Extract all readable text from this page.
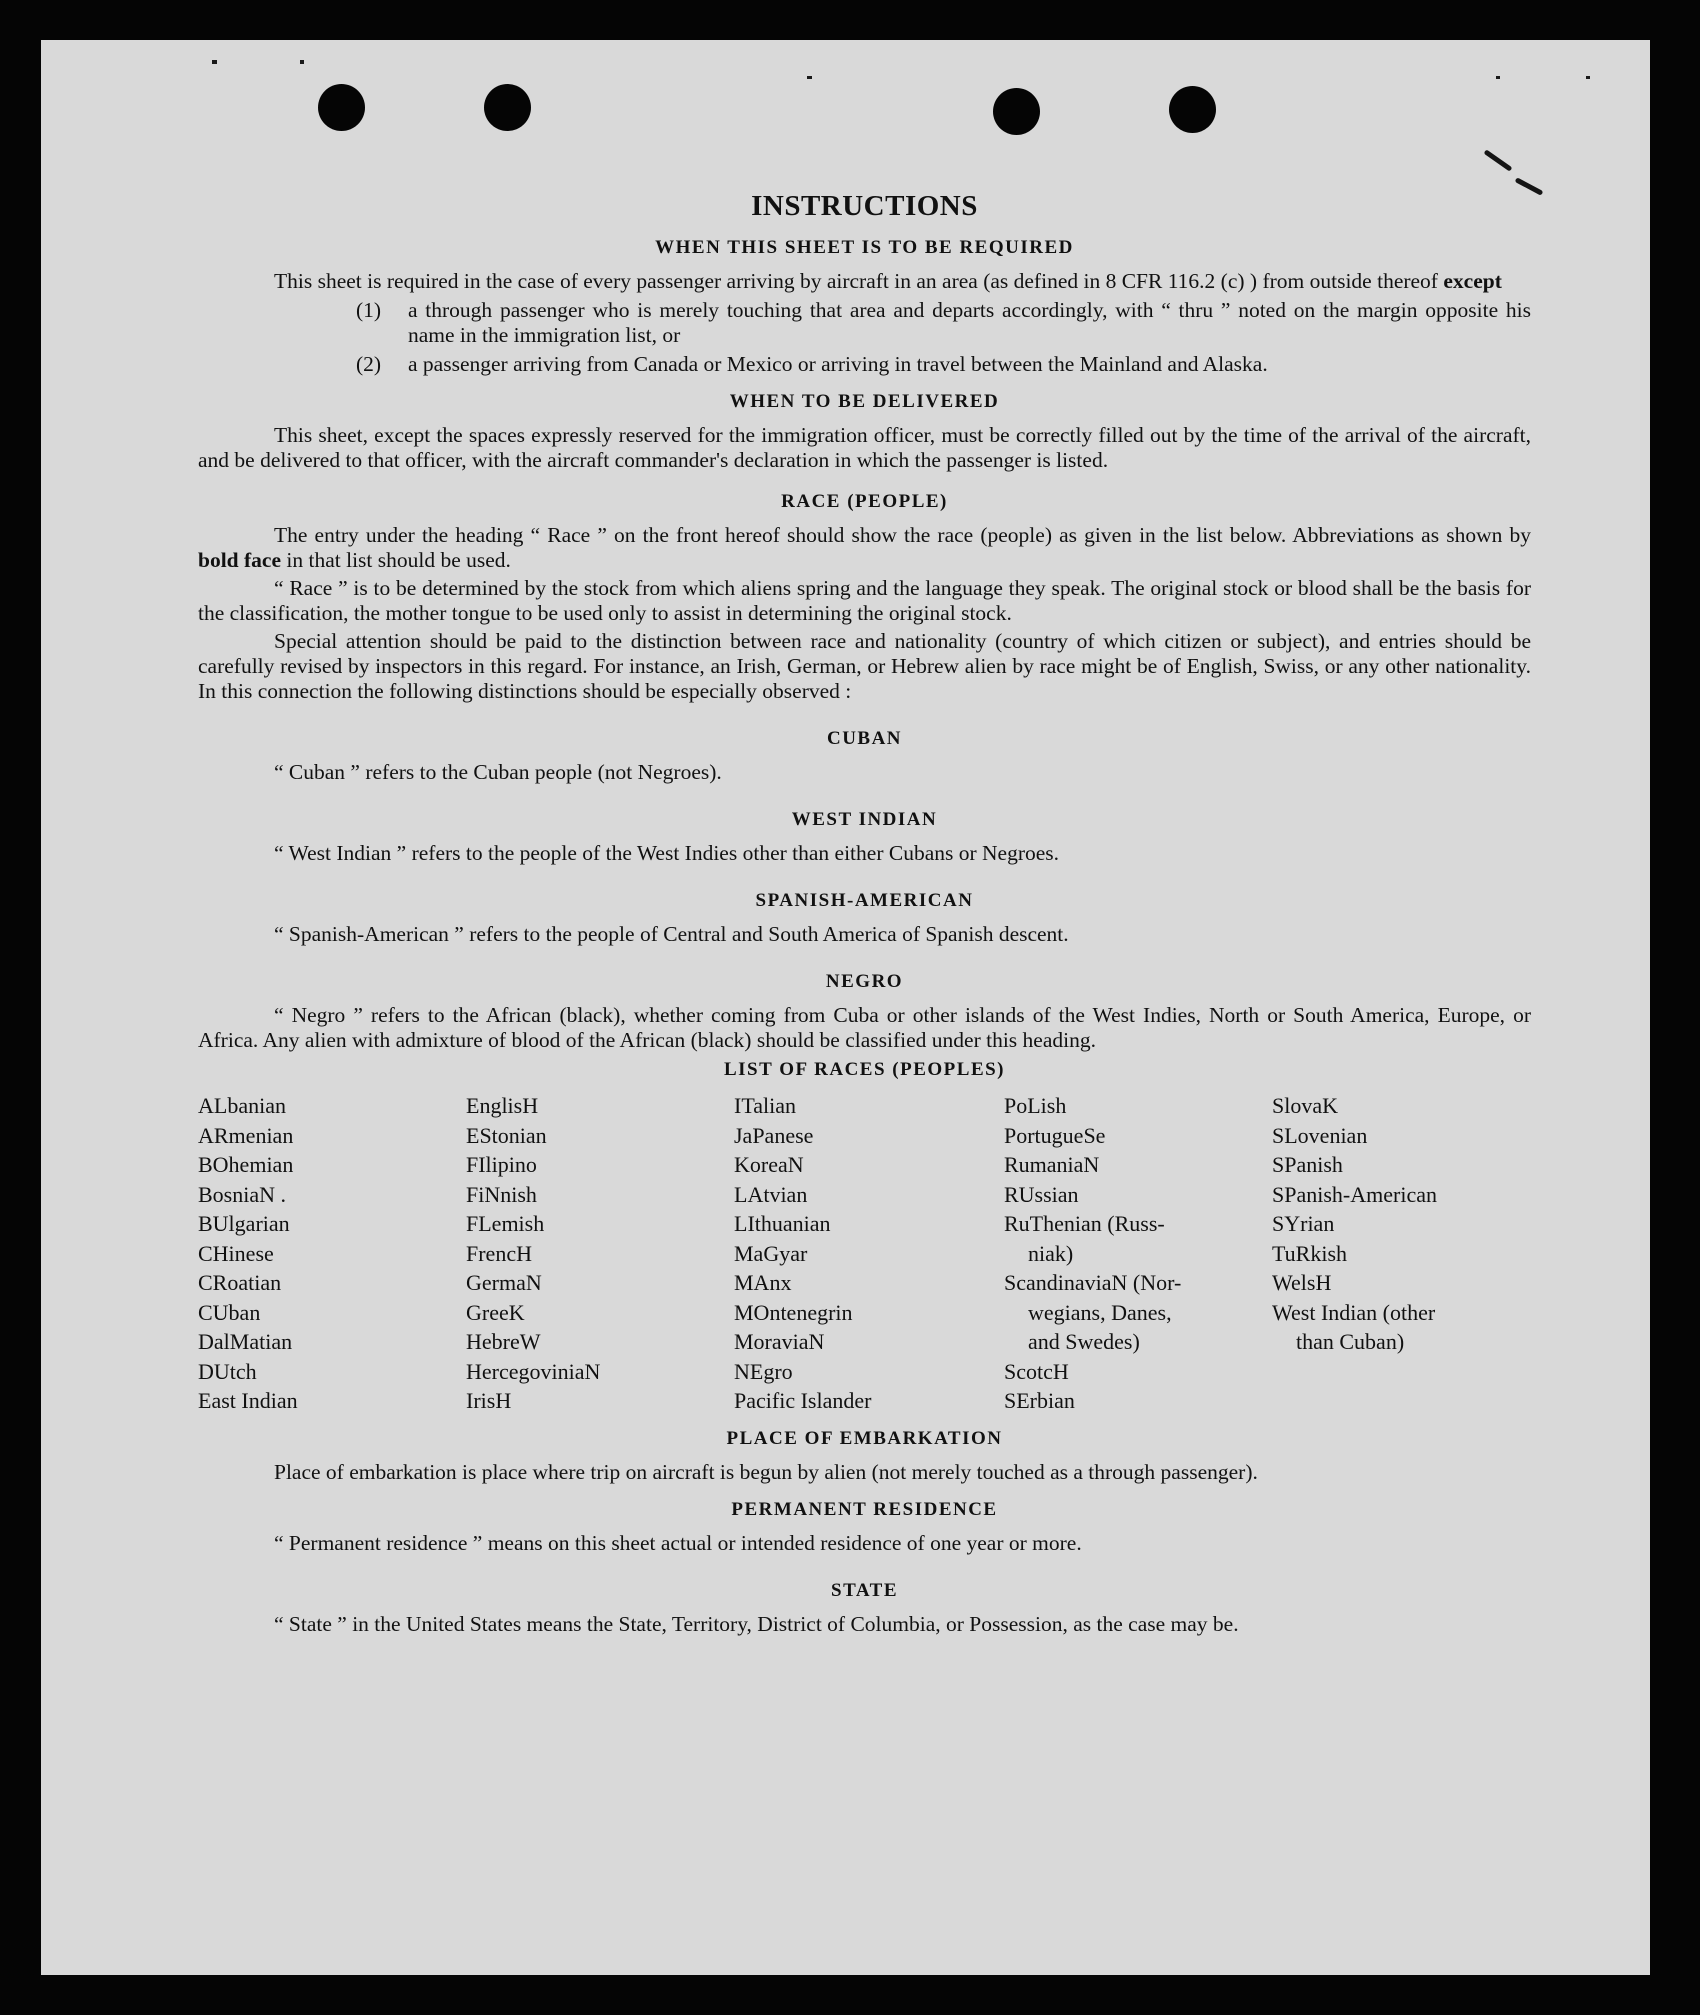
INSTRUCTIONS
WHEN THIS SHEET IS TO BE REQUIRED

This sheet is required in the case of every passenger arriving by aircraft in an area (as defined in 8 CFR 116.2 (c) ) from outside thereof except

(1)	a through passenger who is merely touching that area and departs accordingly, with “ thru ” noted on the margin opposite his name in the immigration list, or
(2)	a passenger arriving from Canada or Mexico or arriving in travel between the Mainland and Alaska.
WHEN TO BE DELIVERED

This sheet, except the spaces expressly reserved for the immigration officer, must be correctly filled out by the time of the arrival of the aircraft, and be delivered to that officer, with the aircraft commander's declaration in which the passenger is listed.

RACE (PEOPLE)

The entry under the heading “ Race ” on the front hereof should show the race (people) as given in the list below. Abbreviations as shown by bold face in that list should be used.

“ Race ” is to be determined by the stock from which aliens spring and the language they speak. The original stock or blood shall be the basis for the classification, the mother tongue to be used only to assist in determining the original stock.

Special attention should be paid to the distinction between race and nationality (country of which citizen or subject), and entries should be carefully revised by inspectors in this regard. For instance, an Irish, German, or Hebrew alien by race might be of English, Swiss, or any other nationality. In this connection the following distinctions should be especially observed :

CUBAN

“ Cuban ” refers to the Cuban people (not Negroes).

WEST INDIAN

“ West Indian ” refers to the people of the West Indies other than either Cubans or Negroes.

SPANISH-AMERICAN

“ Spanish-American ” refers to the people of Central and South America of Spanish descent.

NEGRO

“ Negro ” refers to the African (black), whether coming from Cuba or other islands of the West Indies, North or South America, Europe, or Africa. Any alien with admixture of blood of the African (black) should be classified under this heading.

LIST OF RACES (PEOPLES)
ALbanian
ARmenian
BOhemian
BosniaN .
BUlgarian
CHinese
CRoatian
CUban
DalMatian
DUtch
East Indian
EnglisH
EStonian
FIlipino
FiNnish
FLemish
FrencH
GermaN
GreeK
HebreW
HercegoviniaN
IrisH
ITalian
JaPanese
KoreaN
LAtvian
LIthuanian
MaGyar
MAnx
MOntenegrin
MoraviaN
NEgro
Pacific Islander
PoLish
PortugueSe
RumaniaN
RUssian
RuThenian (Russ-
niak)
ScandinaviaN (Nor-
wegians, Danes,
and Swedes)
ScotcH
SErbian
SlovaK
SLovenian
SPanish
SPanish-American
SYrian
TuRkish
WelsH
West Indian (other
than Cuban)
PLACE OF EMBARKATION

Place of embarkation is place where trip on aircraft is begun by alien (not merely touched as a through passenger).

PERMANENT RESIDENCE

“ Permanent residence ” means on this sheet actual or intended residence of one year or more.

STATE

“ State ” in the United States means the State, Territory, District of Columbia, or Possession, as the case may be.
